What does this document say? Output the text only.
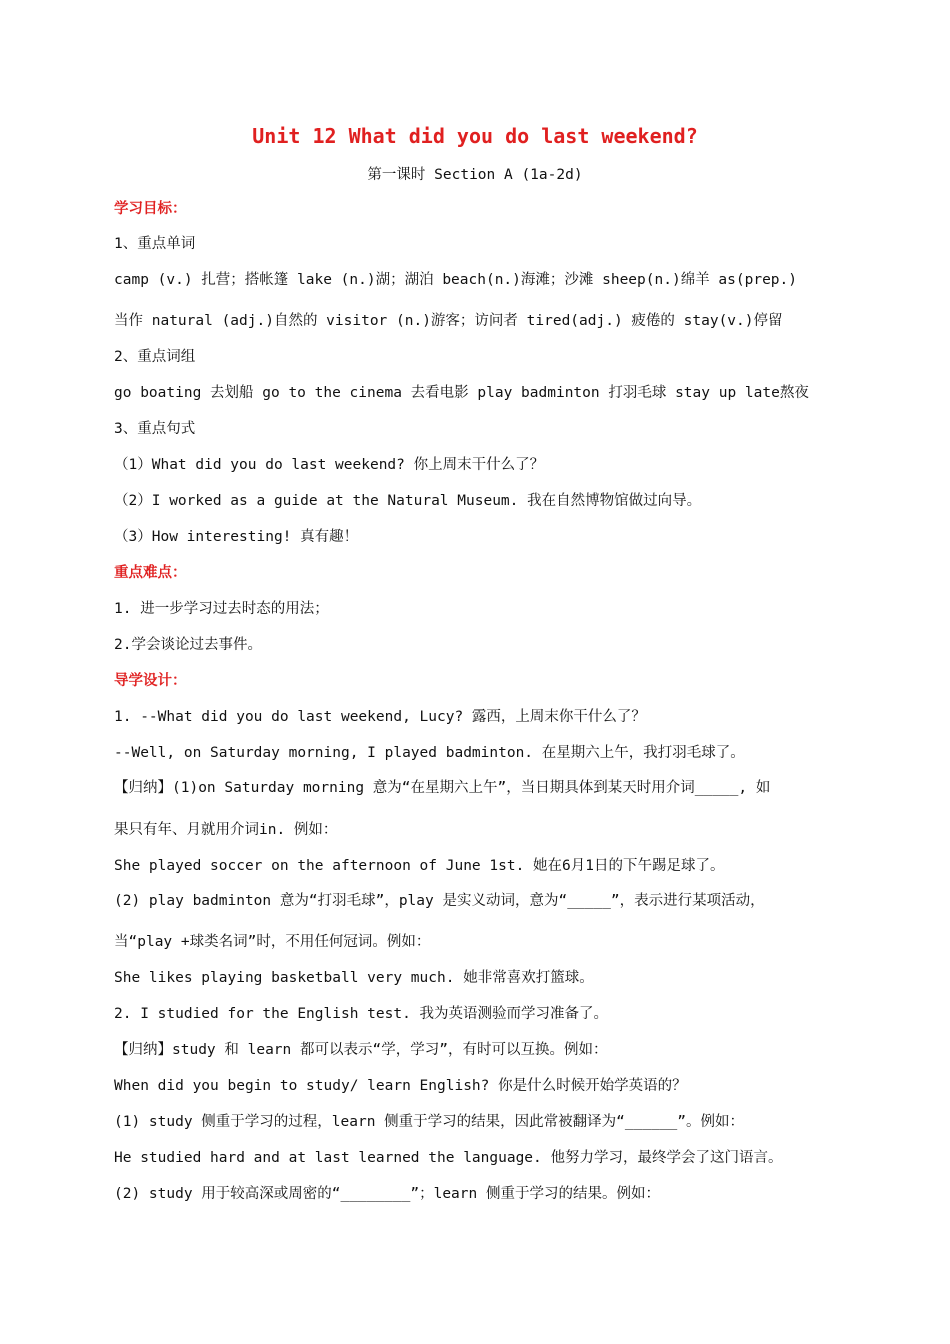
Unit 12 What did you do last weekend?
第一课时 Section A (1a-2d)
学习目标：
1、重点单词
camp (v.) 扎营；搭帐篷 lake (n.)湖；湖泊 beach(n.)海滩；沙滩 sheep(n.)绵羊 as(prep.)
当作 natural (adj.)自然的 visitor (n.)游客；访问者 tired(adj.) 疲倦的 stay(v.)停留
2、重点词组
go boating 去划船 go to the cinema 去看电影 play badminton 打羽毛球 stay up late熬夜
3、重点句式
（1）What did you do last weekend? 你上周末干什么了？
（2）I worked as a guide at the Natural Museum. 我在自然博物馆做过向导。
（3）How interesting! 真有趣！
重点难点：
1. 进一步学习过去时态的用法；
2.学会谈论过去事件。
导学设计：
1. --What did you do last weekend, Lucy? 露西，上周末你干什么了？
--Well, on Saturday morning, I played badminton. 在星期六上午，我打羽毛球了。
【归纳】(1)on Saturday morning 意为“在星期六上午”，当日期具体到某天时用介词_____, 如
果只有年、月就用介词in. 例如：
She played soccer on the afternoon of June 1st. 她在6月1日的下午踢足球了。
(2) play badminton 意为“打羽毛球”，play 是实义动词，意为“_____”，表示进行某项活动，
当“play +球类名词”时，不用任何冠词。例如：
She likes playing basketball very much. 她非常喜欢打篮球。
2. I studied for the English test. 我为英语测验而学习准备了。
【归纳】study 和 learn 都可以表示“学，学习”，有时可以互换。例如：
When did you begin to study/ learn English? 你是什么时候开始学英语的？
(1) study 侧重于学习的过程，learn 侧重于学习的结果，因此常被翻译为“______”。例如：
He studied hard and at last learned the language. 他努力学习，最终学会了这门语言。
(2) study 用于较高深或周密的“________”；learn 侧重于学习的结果。例如：
